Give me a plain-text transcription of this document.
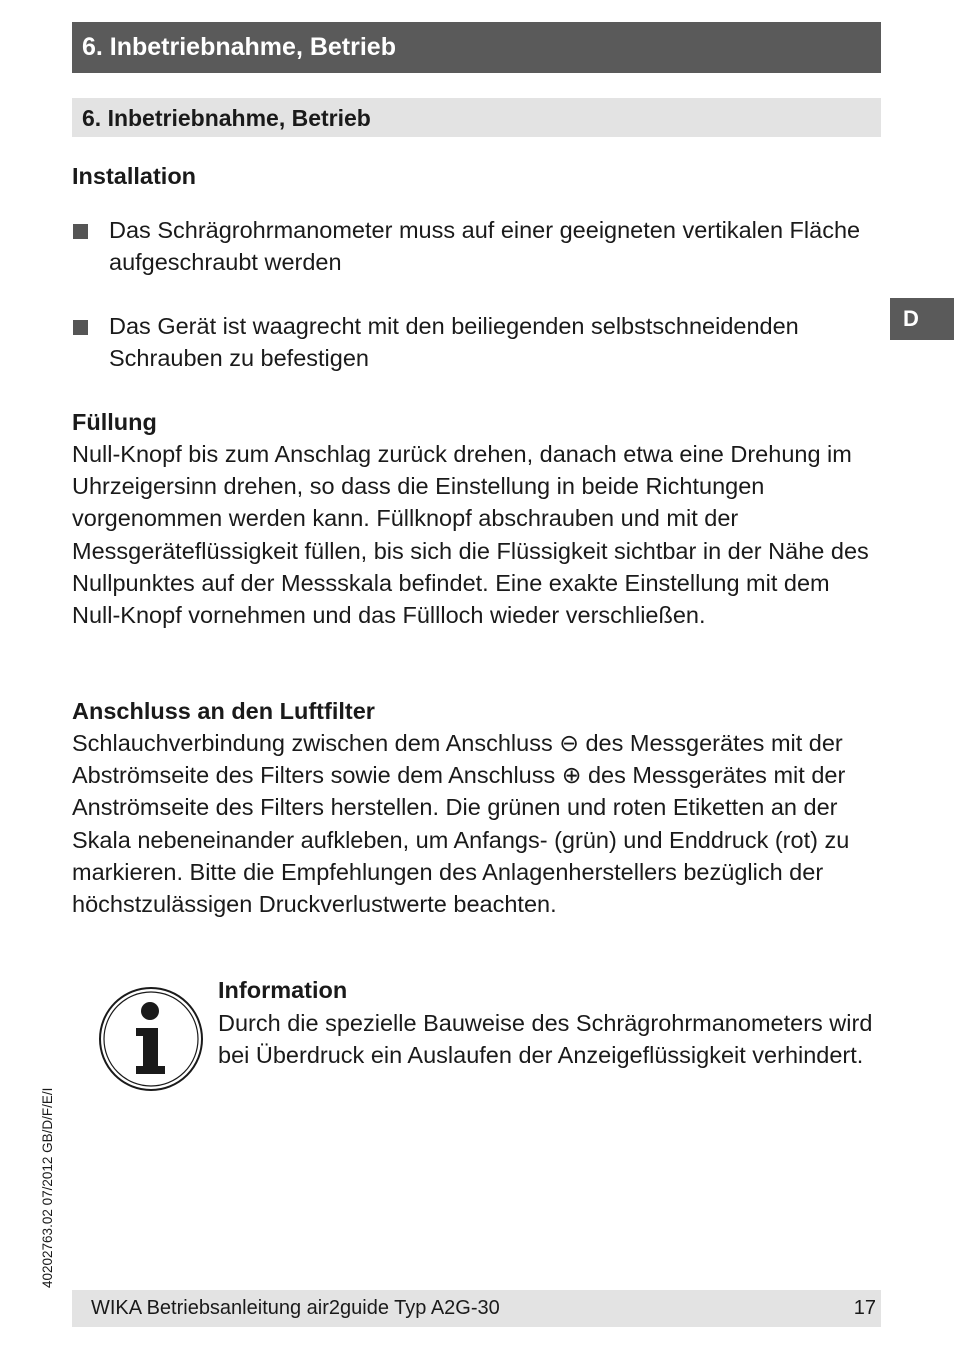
6. Inbetriebnahme, Betrieb
6. Inbetriebnahme, Betrieb
D
Installation
Das Schrägrohrmanometer muss auf einer geeigneten vertikalen Fläche aufgeschraubt werden
Das Gerät ist waagrecht mit den beiliegenden selbstschneidenden Schrauben zu befestigen
Füllung

Null-Knopf bis zum Anschlag zurück drehen, danach etwa eine Drehung im Uhrzeigersinn drehen, so dass die Einstellung in beide Richtungen vorgenommen werden kann. Füllknopf abschrauben und mit der Messgeräteflüssigkeit füllen, bis sich die Flüssigkeit sichtbar in der Nähe des Nullpunktes auf der Messskala befindet. Eine exakte Einstellung mit dem Null-Knopf vornehmen und das Füllloch wieder verschließen.

Anschluss an den Luftfilter

Schlauchverbindung zwischen dem Anschluss ⊖ des Messgerätes mit der Abströmseite des Filters sowie dem Anschluss ⊕ des Messgerätes mit der Anströmseite des Filters herstellen. Die grünen und roten Etiketten an der Skala nebeneinander aufkleben, um Anfangs- (grün) und Enddruck (rot) zu markieren. Bitte die Empfehlungen des Anlagenherstellers bezüglich der höchstzulässigen Druckverlustwerte beachten.

Information

Durch die spezielle Bauweise des Schrägrohrmanometers wird bei Überdruck ein Auslaufen der Anzeigeflüssigkeit verhindert.

40202763.02 07/2012 GB/D/F/E/I
WIKA Betriebsanleitung air2guide Typ A2G-30	17
